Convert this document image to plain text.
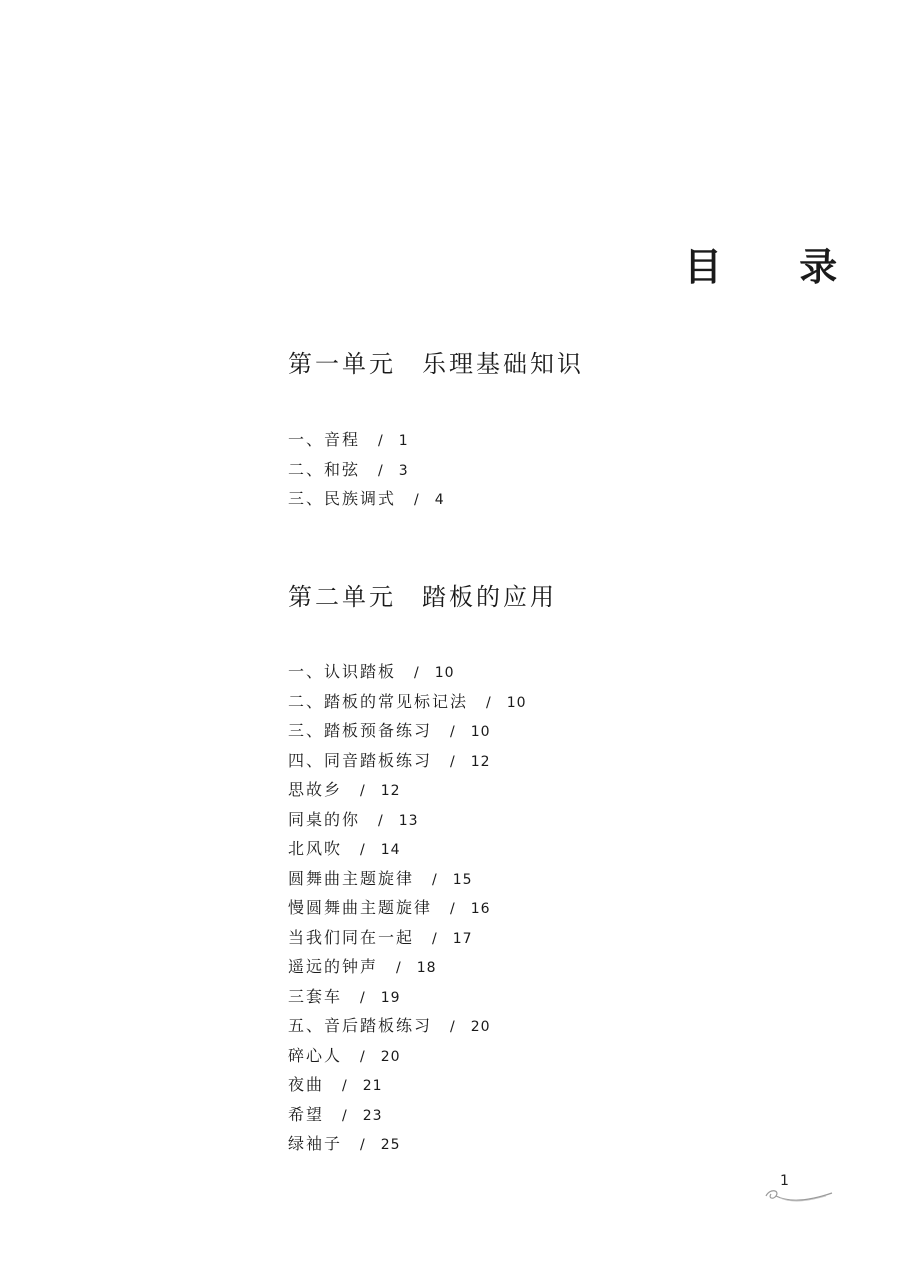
目 录
第一单元 乐理基础知识
一、音程 / 1
二、和弦 / 3
三、民族调式 / 4
第二单元 踏板的应用
一、认识踏板 / 10
二、踏板的常见标记法 / 10
三、踏板预备练习 / 10
四、同音踏板练习 / 12
思故乡 / 12
同桌的你 / 13
北风吹 / 14
圆舞曲主题旋律 / 15
慢圆舞曲主题旋律 / 16
当我们同在一起 / 17
遥远的钟声 / 18
三套车 / 19
五、音后踏板练习 / 20
碎心人 / 20
夜曲 / 21
希望 / 23
绿袖子 / 25
1
